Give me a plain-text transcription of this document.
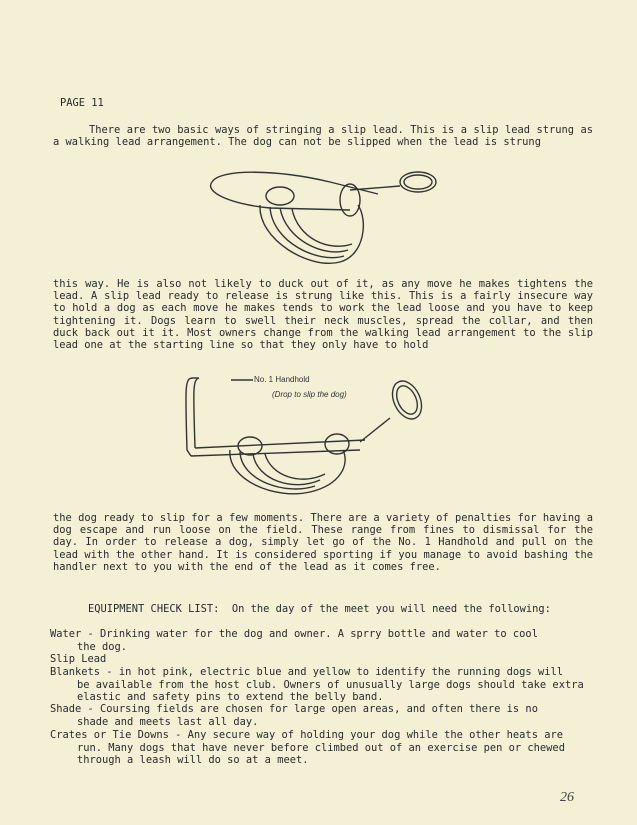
PAGE 11
There are two basic ways of stringing a slip lead. This is a slip lead strung as a walking lead arrangement. The dog can not be slipped when the lead is strung
this way. He is also not likely to duck out of it, as any move he makes tightens the lead. A slip lead ready to release is strung like this. This is a fairly insecure way to hold a dog as each move he makes tends to work the lead loose and you have to keep tightening it. Dogs learn to swell their neck muscles, spread the collar, and then duck back out it it. Most owners change from the walking lead arrangement to the slip lead one at the starting line so that they only have to hold
No. 1 Handhold
(Drop to slip the dog)
the dog ready to slip for a few moments. There are a variety of penalties for having a dog escape and run loose on the field. These range from fines to dismissal for the day. In order to release a dog, simply let go of the No. 1 Handhold and pull on the lead with the other hand. It is considered sporting if you manage to avoid bashing the handler next to you with the end of the lead as it comes free.
EQUIPMENT CHECK LIST:  On the day of the meet you will need the following:
Water - Drinking water for the dog and owner. A sprry bottle and water to cool
the dog.
Slip Lead
Blankets - in hot pink, electric blue and yellow to identify the running dogs will
be available from the host club. Owners of unusually large dogs should take extra elastic and safety pins to extend the belly band.
Shade - Coursing fields are chosen for large open areas, and often there is no
shade and meets last all day.
Crates or Tie Downs - Any secure way of holding your dog while the other heats are
run. Many dogs that have never before climbed out of an exercise pen or chewed through a leash will do so at a meet.
26
